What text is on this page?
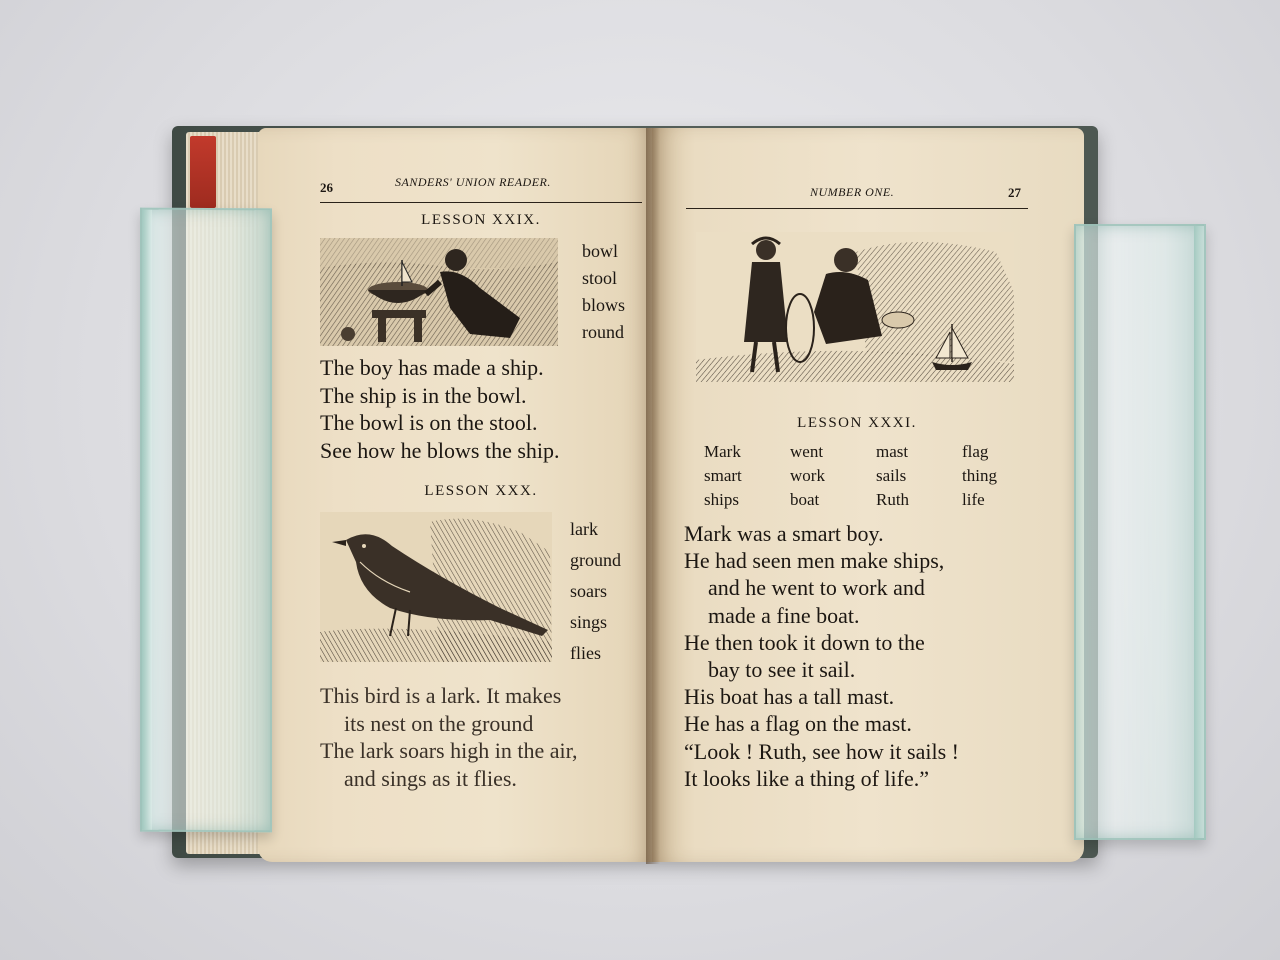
26	SANDERS' UNION READER.
LESSON XXIX.
bowl
stool
blows
round
The boy has made a ship.
The ship is in the bowl.
The bowl is on the stool.
See how he blows the ship.
LESSON XXX.
lark
ground
soars
sings
flies
This bird is a lark. It makes
its nest on the ground
The lark soars high in the air,
and sings as it flies.
NUMBER ONE.	27
LESSON XXXI.
Mark	went	mast	flag
smart	work	sails	thing
ships	boat	Ruth	life
Mark was a smart boy.
He had seen men make ships,
and he went to work and
made a fine boat.
He then took it down to the
bay to see it sail.
His boat has a tall mast.
He has a flag on the mast.
“Look ! Ruth, see how it sails !
It looks like a thing of life.”
